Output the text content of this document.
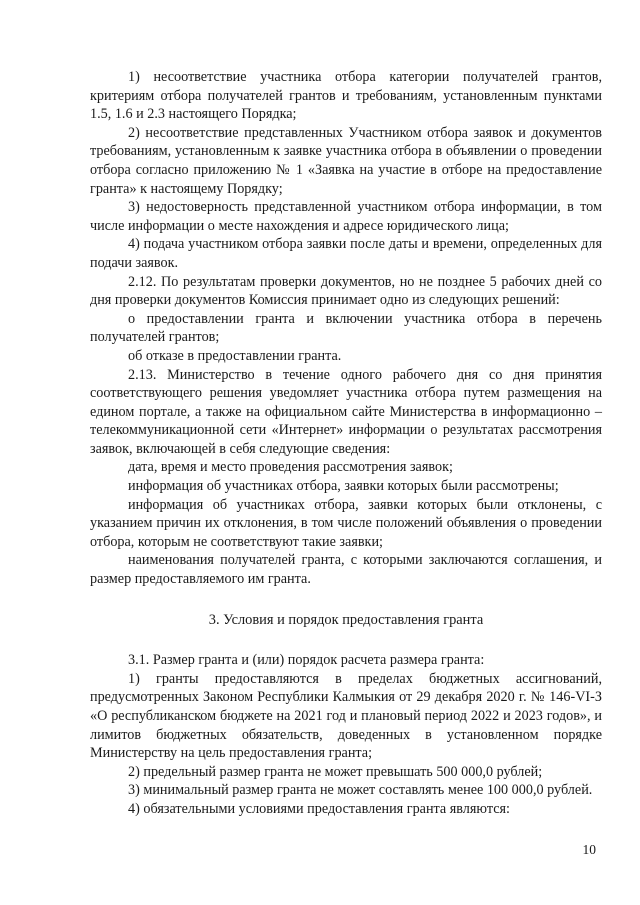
1) несоответствие участника отбора категории получателей грантов, критериям отбора получателей грантов и требованиям, установленным пунктами 1.5, 1.6 и 2.3 настоящего Порядка;

2) несоответствие представленных Участником отбора заявок и документов требованиям, установленным к заявке участника отбора в объявлении о проведении отбора согласно приложению № 1 «Заявка на участие в отборе на предоставление гранта» к настоящему Порядку;

3) недостоверность представленной участником отбора информации, в том числе информации о месте нахождения и адресе юридического лица;

4) подача участником отбора заявки после даты и времени, определенных для подачи заявок.

2.12. По результатам проверки документов, но не позднее 5 рабочих дней со дня проверки документов Комиссия принимает одно из следующих решений:

о предоставлении гранта и включении участника отбора в перечень получателей грантов;

об отказе в предоставлении гранта.

2.13. Министерство в течение одного рабочего дня со дня принятия соответствующего решения уведомляет участника отбора путем размещения на едином портале, а также на официальном сайте Министерства в информационно – телекоммуникационной сети «Интернет» информации о результатах рассмотрения заявок, включающей в себя следующие сведения:

дата, время и место проведения рассмотрения заявок;

информация об участниках отбора, заявки которых были рассмотрены;

информация об участниках отбора, заявки которых были отклонены, с указанием причин их отклонения, в том числе положений объявления о проведении отбора, которым не соответствуют такие заявки;

наименования получателей гранта, с которыми заключаются соглашения, и размер предоставляемого им гранта.

3. Условия и порядок предоставления гранта

3.1. Размер гранта и (или) порядок расчета размера гранта:

1) гранты предоставляются в пределах бюджетных ассигнований, предусмотренных Законом Республики Калмыкия от 29 декабря 2020 г. № 146-VI-З «О республиканском бюджете на 2021 год и плановый период 2022 и 2023 годов», и лимитов бюджетных обязательств, доведенных в установленном порядке Министерству на цель предоставления гранта;

2) предельный размер гранта не может превышать 500 000,0 рублей;

3) минимальный размер гранта не может составлять менее 100 000,0 рублей.

4) обязательными условиями предоставления гранта являются:

10
